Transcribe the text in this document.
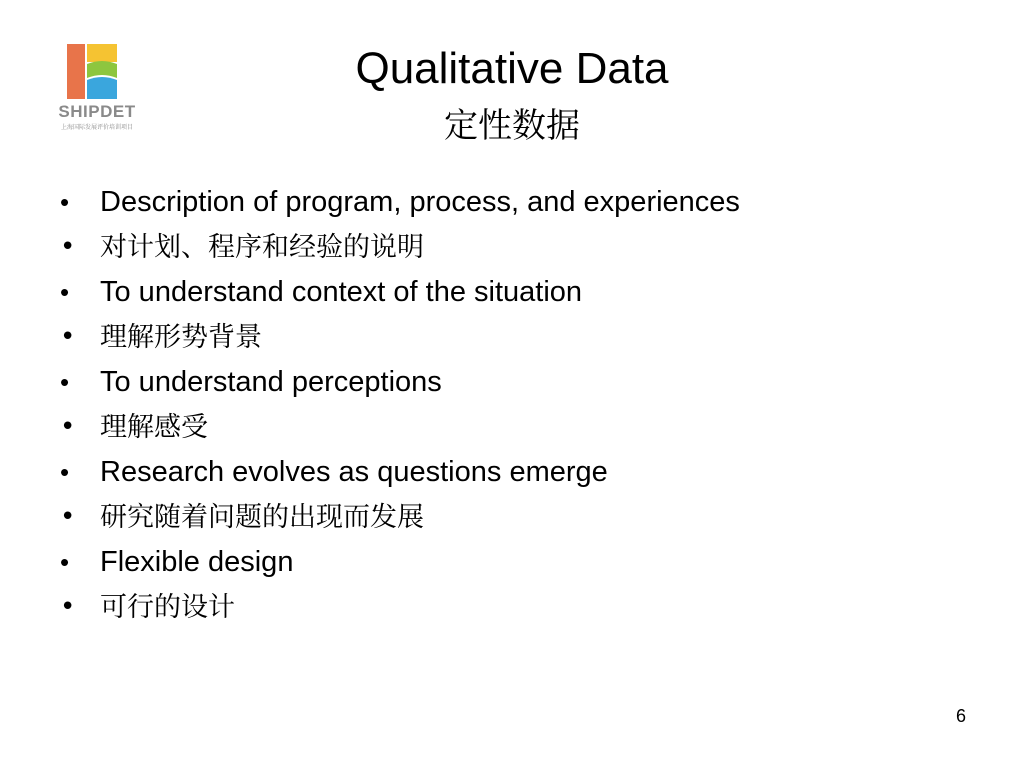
SHIPDET
上海国际发展评价培训项目
Qualitative Data
定性数据
• Description of program, process, and experiences
• 对计划、程序和经验的说明
• To understand context of the situation
• 理解形势背景
• To understand perceptions
• 理解感受
• Research evolves as questions emerge
• 研究随着问题的出现而发展
• Flexible design
• 可行的设计
6
